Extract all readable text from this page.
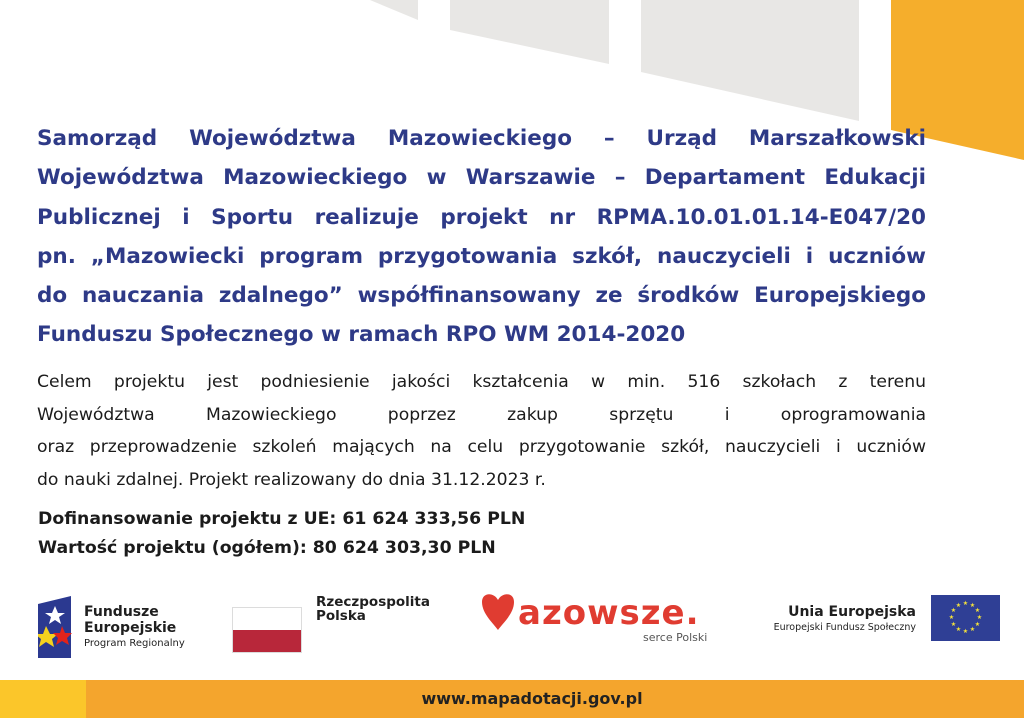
Samorząd Województwa Mazowieckiego – Urząd Marszałkowski
Województwa Mazowieckiego w Warszawie – Departament Edukacji
Publicznej i Sportu realizuje projekt nr RPMA.10.01.01.14-E047/20
pn. „Mazowiecki program przygotowania szkół, nauczycieli i uczniów
do nauczania zdalnego” współfinansowany ze środków Europejskiego
Funduszu Społecznego w ramach RPO WM 2014-2020
Celem projektu jest podniesienie jakości kształcenia w min. 516 szkołach z terenu
Województwa Mazowieckiego poprzez zakup sprzętu i oprogramowania
oraz przeprowadzenie szkoleń mających na celu przygotowanie szkół, nauczycieli i uczniów
do nauki zdalnej. Projekt realizowany do dnia 31.12.2023 r.
Dofinansowanie projektu z UE: 61 624 333,56 PLN
Wartość projektu (ogółem): 80 624 303,30 PLN
Fundusze
Europejskie
Program Regionalny
Rzeczpospolita
Polska	azowsze.
serce Polski
Unia Europejska
Europejski Fundusz Społeczny
★ ★
★
★
★
★
★
★
★
★
★
★
www.mapadotacji.gov.pl
